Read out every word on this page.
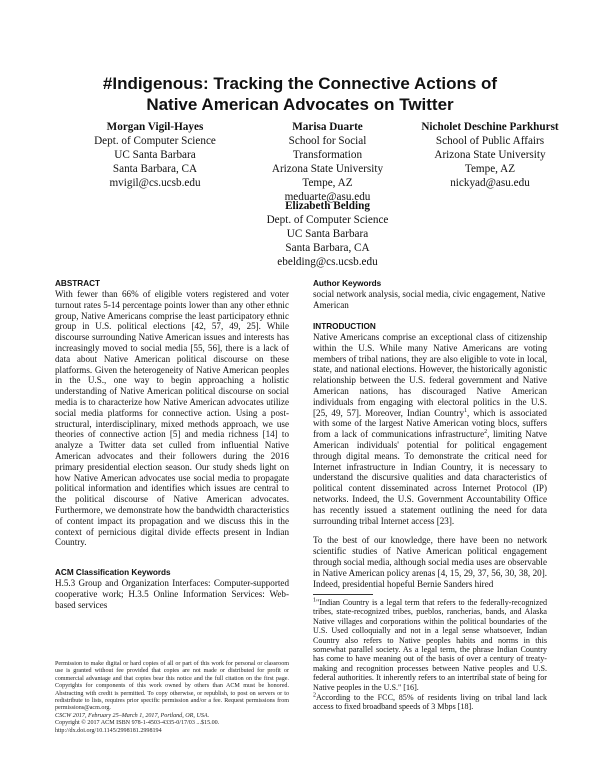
#Indigenous: Tracking the Connective Actions of
Native American Advocates on Twitter
Morgan Vigil-Hayes
Dept. of Computer Science
UC Santa Barbara
Santa Barbara, CA
mvigil@cs.ucsb.edu
Marisa Duarte
School for Social
Transformation
Arizona State University
Tempe, AZ
meduarte@asu.edu
Nicholet Deschine Parkhurst
School of Public Affairs
Arizona State University
Tempe, AZ
nickyad@asu.edu
Elizabeth Belding
Dept. of Computer Science
UC Santa Barbara
Santa Barbara, CA
ebelding@cs.ucsb.edu
ABSTRACT

With fewer than 66% of eligible voters registered and voter turnout rates 5-14 percentage points lower than any other ethnic group, Native Americans comprise the least participatory ethnic group in U.S. political elections [42, 57, 49, 25]. While discourse surrounding Native American issues and interests has increasingly moved to social media [55, 56], there is a lack of data about Native American political discourse on these platforms. Given the heterogeneity of Native American peoples in the U.S., one way to begin approaching a holistic understanding of Native American political discourse on social media is to characterize how Native American advocates utilize social media platforms for connective action. Using a post-structural, interdisciplinary, mixed methods approach, we use theories of connective action [5] and media richness [14] to analyze a Twitter data set culled from influential Native American advocates and their followers during the 2016 primary presidential election season. Our study sheds light on how Native American advocates use social media to propagate political information and identifies which issues are central to the political discourse of Native American advocates. Furthermore, we demonstrate how the bandwidth characteristics of content impact its propagation and we discuss this in the context of pernicious digital divide effects present in Indian Country.

ACM Classification Keywords

H.5.3 Group and Organization Interfaces: Computer-supported cooperative work; H.3.5 Online Information Services: Web-based services

Permission to make digital or hard copies of all or part of this work for personal or classroom use is granted without fee provided that copies are not made or distributed for profit or commercial advantage and that copies bear this notice and the full citation on the first page. Copyrights for components of this work owned by others than ACM must be honored. Abstracting with credit is permitted. To copy otherwise, or republish, to post on servers or to redistribute to lists, requires prior specific permission and/or a fee. Request permissions from permissions@acm.org.

CSCW 2017, February 25–March 1, 2017, Portland, OR, USA.

Copyright © 2017 ACM ISBN 978-1-4503-4335-0/17/03 ...$15.00.

http://dx.doi.org/10.1145/2998181.2998194

Author Keywords

social network analysis, social media, civic engagement, Native American

INTRODUCTION

Native Americans comprise an exceptional class of citizenship within the U.S. While many Native Americans are voting members of tribal nations, they are also eligible to vote in local, state, and national elections. However, the historically agonistic relationship between the U.S. federal government and Native American nations, has discouraged Native American individuals from engaging with electoral politics in the U.S. [25, 49, 57]. Moreover, Indian Country$^1$, which is associated with some of the largest Native American voting blocs, suffers from a lack of communications infrastructure$^2$, limiting Natve American individuals' potential for political engagement through digital means. To demonstrate the critical need for Internet infrastructure in Indian Country, it is necessary to understand the discursive qualities and data characteristics of political content disseminated across Internet Protocol (IP) networks. Indeed, the U.S. Government Accountability Office has recently issued a statement outlining the need for data surrounding tribal Internet access [23].

To the best of our knowledge, there have been no network scientific studies of Native American political engagement through social media, although social media uses are observable in Native American policy arenas [4, 15, 29, 37, 56, 30, 38, 20]. Indeed, presidential hopeful Bernie Sanders hired

$^1$"Indian Country is a legal term that refers to the federally-recognized tribes, state-recognized tribes, pueblos, rancherias, bands, and Alaska Native villages and corporations within the political boundaries of the U.S. Used colloquially and not in a legal sense whatsoever, Indian Country also refers to Native peoples habits and norms in this somewhat parallel society. As a legal term, the phrase Indian Country has come to have meaning out of the basis of over a century of treaty-making and recognition processes between Native peoples and U.S. federal authorities. It inherently refers to an intertribal state of being for Native peoples in the U.S." [16].

$^2$According to the FCC, 85% of residents living on tribal land lack access to fixed broadband speeds of 3 Mbps [18].
